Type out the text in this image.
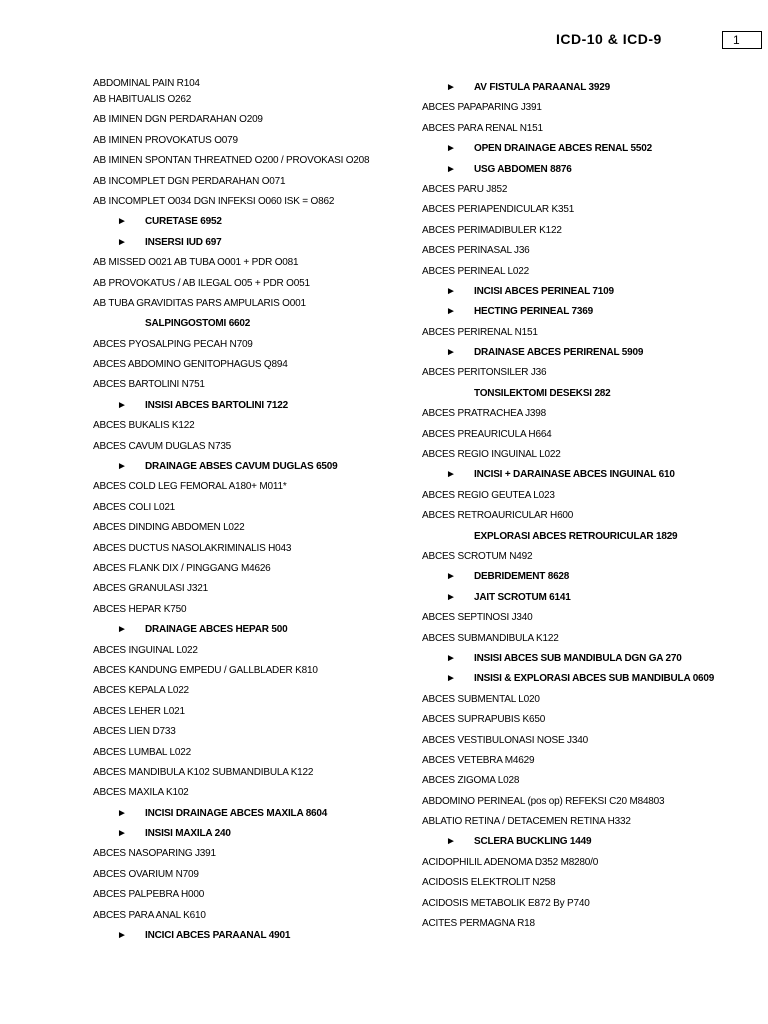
ICD-10 & ICD-9	1
ABDOMINAL PAIN R104
AB HABITUALIS O262
AB IMINEN DGN PERDARAHAN O209
AB IMINEN PROVOKATUS O079
AB IMINEN SPONTAN THREATNED O200 / PROVOKASI O208
AB INCOMPLET DGN PERDARAHAN O071
AB INCOMPLET O034 DGN INFEKSI O060 ISK = O862
► CURETASE 6952
► INSERSI IUD 697
AB MISSED O021 AB TUBA O001 + PDR O081
AB PROVOKATUS / AB ILEGAL O05 + PDR O051
AB TUBA GRAVIDITAS PARS AMPULARIS O001
SALPINGOSTOMI 6602
ABCES PYOSALPING PECAH N709
ABCES ABDOMINO GENITOPHAGUS Q894
ABCES BARTOLINI N751
► INSISI ABCES BARTOLINI 7122
ABCES BUKALIS K122
ABCES CAVUM DUGLAS N735
► DRAINAGE ABSES CAVUM DUGLAS 6509
ABCES COLD LEG FEMORAL A180+ M011*
ABCES COLI L021
ABCES DINDING ABDOMEN L022
ABCES DUCTUS NASOLAKRIMINALIS H043
ABCES FLANK DIX / PINGGANG M4626
ABCES GRANULASI J321
ABCES HEPAR K750
► DRAINAGE ABCES HEPAR 500
ABCES INGUINAL L022
ABCES KANDUNG EMPEDU / GALLBLADER K810
ABCES KEPALA L022
ABCES LEHER L021
ABCES LIEN D733
ABCES LUMBAL L022
ABCES MANDIBULA K102 SUBMANDIBULA K122
ABCES MAXILA K102
► INCISI DRAINAGE ABCES MAXILA 8604
► INSISI MAXILA 240
ABCES NASOPARING J391
ABCES OVARIUM N709
ABCES PALPEBRA H000
ABCES PARA ANAL K610
► INCICI ABCES PARAANAL 4901
► AV FISTULA PARAANAL 3929
ABCES PAPAPARING J391
ABCES PARA RENAL N151
► OPEN DRAINAGE ABCES RENAL 5502
► USG ABDOMEN 8876
ABCES PARU J852
ABCES PERIAPENDICULAR K351
ABCES PERIMADIBULER K122
ABCES PERINASAL J36
ABCES PERINEAL L022
► INCISI ABCES PERINEAL 7109
► HECTING PERINEAL 7369
ABCES PERIRENAL N151
► DRAINASE ABCES PERIRENAL 5909
ABCES PERITONSILER J36
TONSILEKTOMI DESEKSI 282
ABCES PRATRACHEA J398
ABCES PREAURICULA H664
ABCES REGIO INGUINAL L022
► INCISI + DARAINASE ABCES INGUINAL 610
ABCES REGIO GEUTEA L023
ABCES RETROAURICULAR H600
EXPLORASI ABCES RETROURICULAR 1829
ABCES SCROTUM N492
► DEBRIDEMENT 8628
► JAIT SCROTUM 6141
ABCES SEPTINOSI J340
ABCES SUBMANDIBULA K122
► INSISI ABCES SUB MANDIBULA DGN GA 270
► INSISI & EXPLORASI ABCES SUB MANDIBULA 0609
ABCES SUBMENTAL L020
ABCES SUPRAPUBIS K650
ABCES VESTIBULONASI NOSE J340
ABCES VETEBRA M4629
ABCES ZIGOMA L028
ABDOMINO PERINEAL (pos op) REFEKSI C20 M84803
ABLATIO RETINA / DETACEMEN RETINA H332
► SCLERA BUCKLING 1449
ACIDOPHILIL ADENOMA D352 M8280/0
ACIDOSIS ELEKTROLIT N258
ACIDOSIS METABOLIK E872 By P740
ACITES PERMAGNA R18
